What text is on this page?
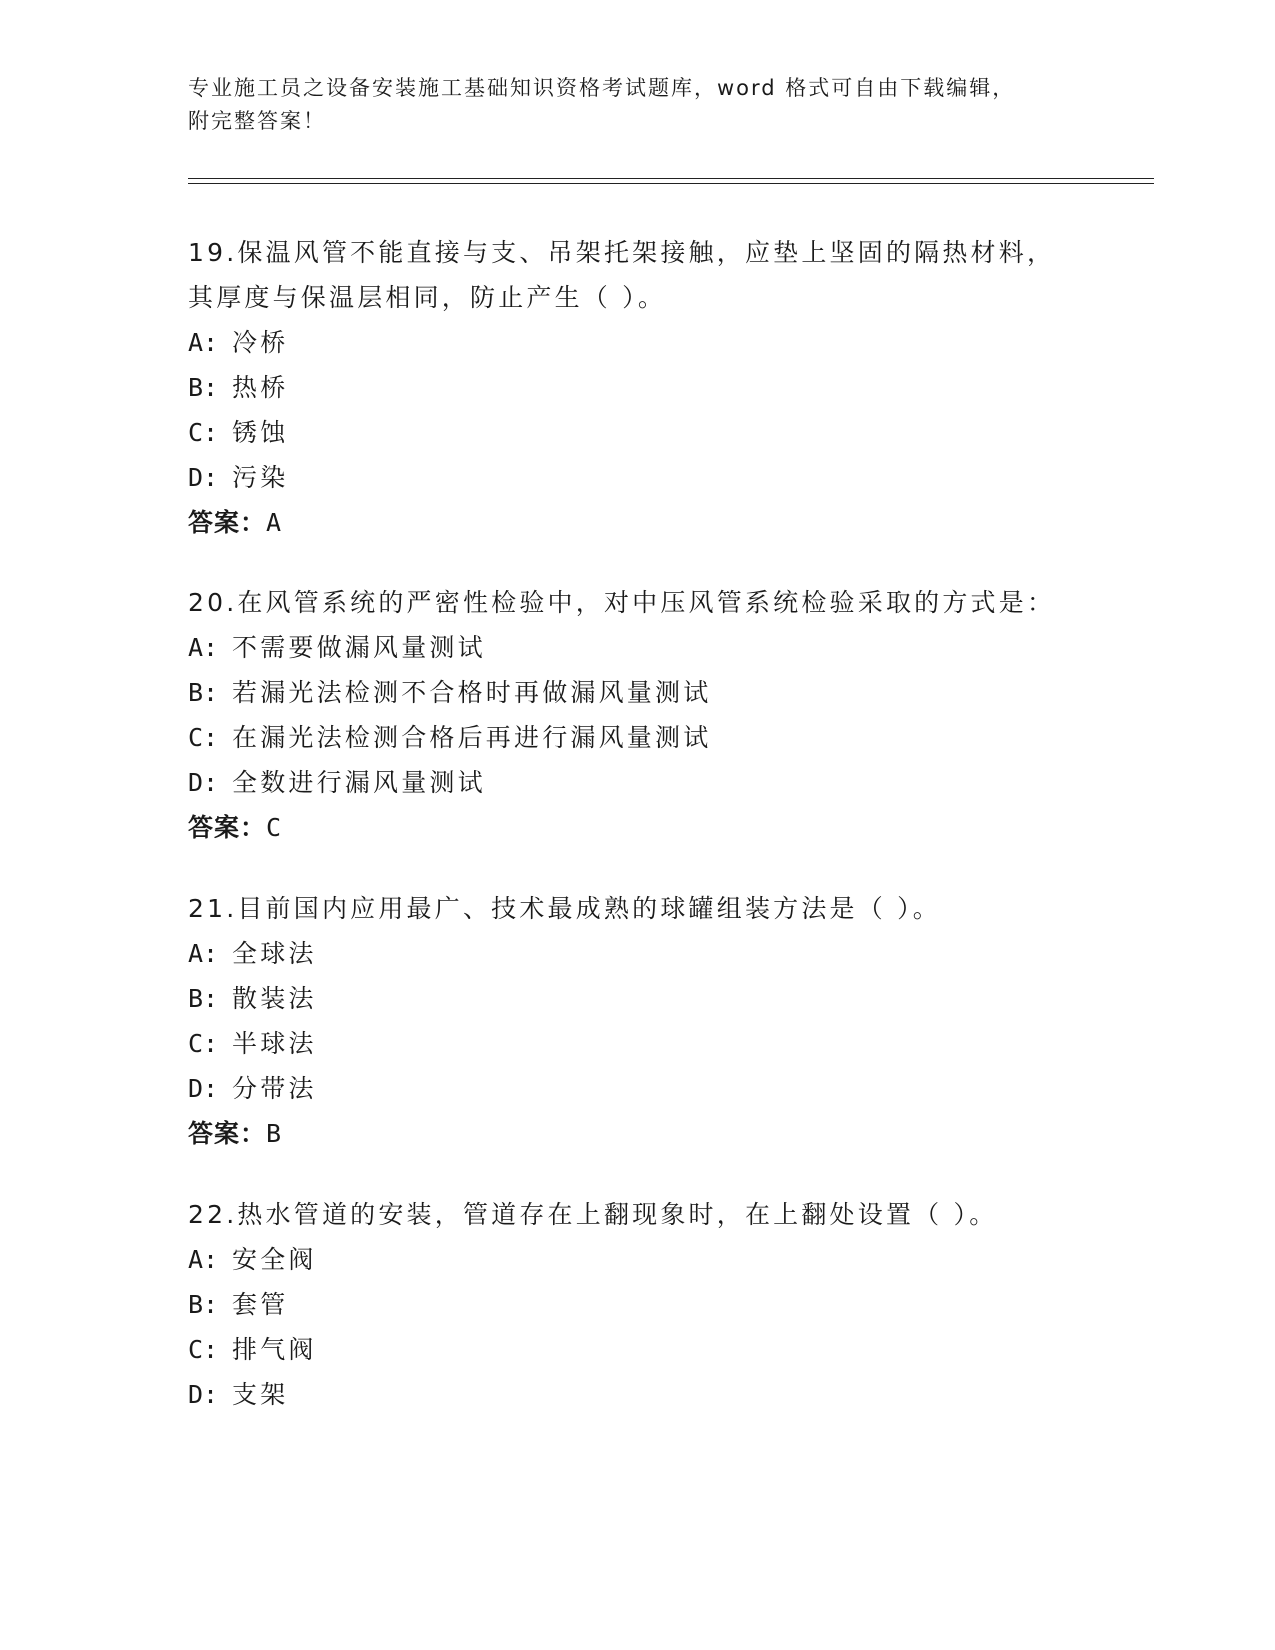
专业施工员之设备安装施工基础知识资格考试题库，word 格式可自由下载编辑，
附完整答案！
19.保温风管不能直接与支、吊架托架接触，应垫上坚固的隔热材料，
其厚度与保温层相同，防止产生（ ）。
A: 冷桥
B: 热桥
C: 锈蚀
D: 污染
答案：A
20.在风管系统的严密性检验中，对中压风管系统检验采取的方式是：
A: 不需要做漏风量测试
B: 若漏光法检测不合格时再做漏风量测试
C: 在漏光法检测合格后再进行漏风量测试
D: 全数进行漏风量测试
答案：C
21.目前国内应用最广、技术最成熟的球罐组装方法是（ ）。
A: 全球法
B: 散装法
C: 半球法
D: 分带法
答案：B
22.热水管道的安装，管道存在上翻现象时，在上翻处设置（ ）。
A: 安全阀
B: 套管
C: 排气阀
D: 支架
